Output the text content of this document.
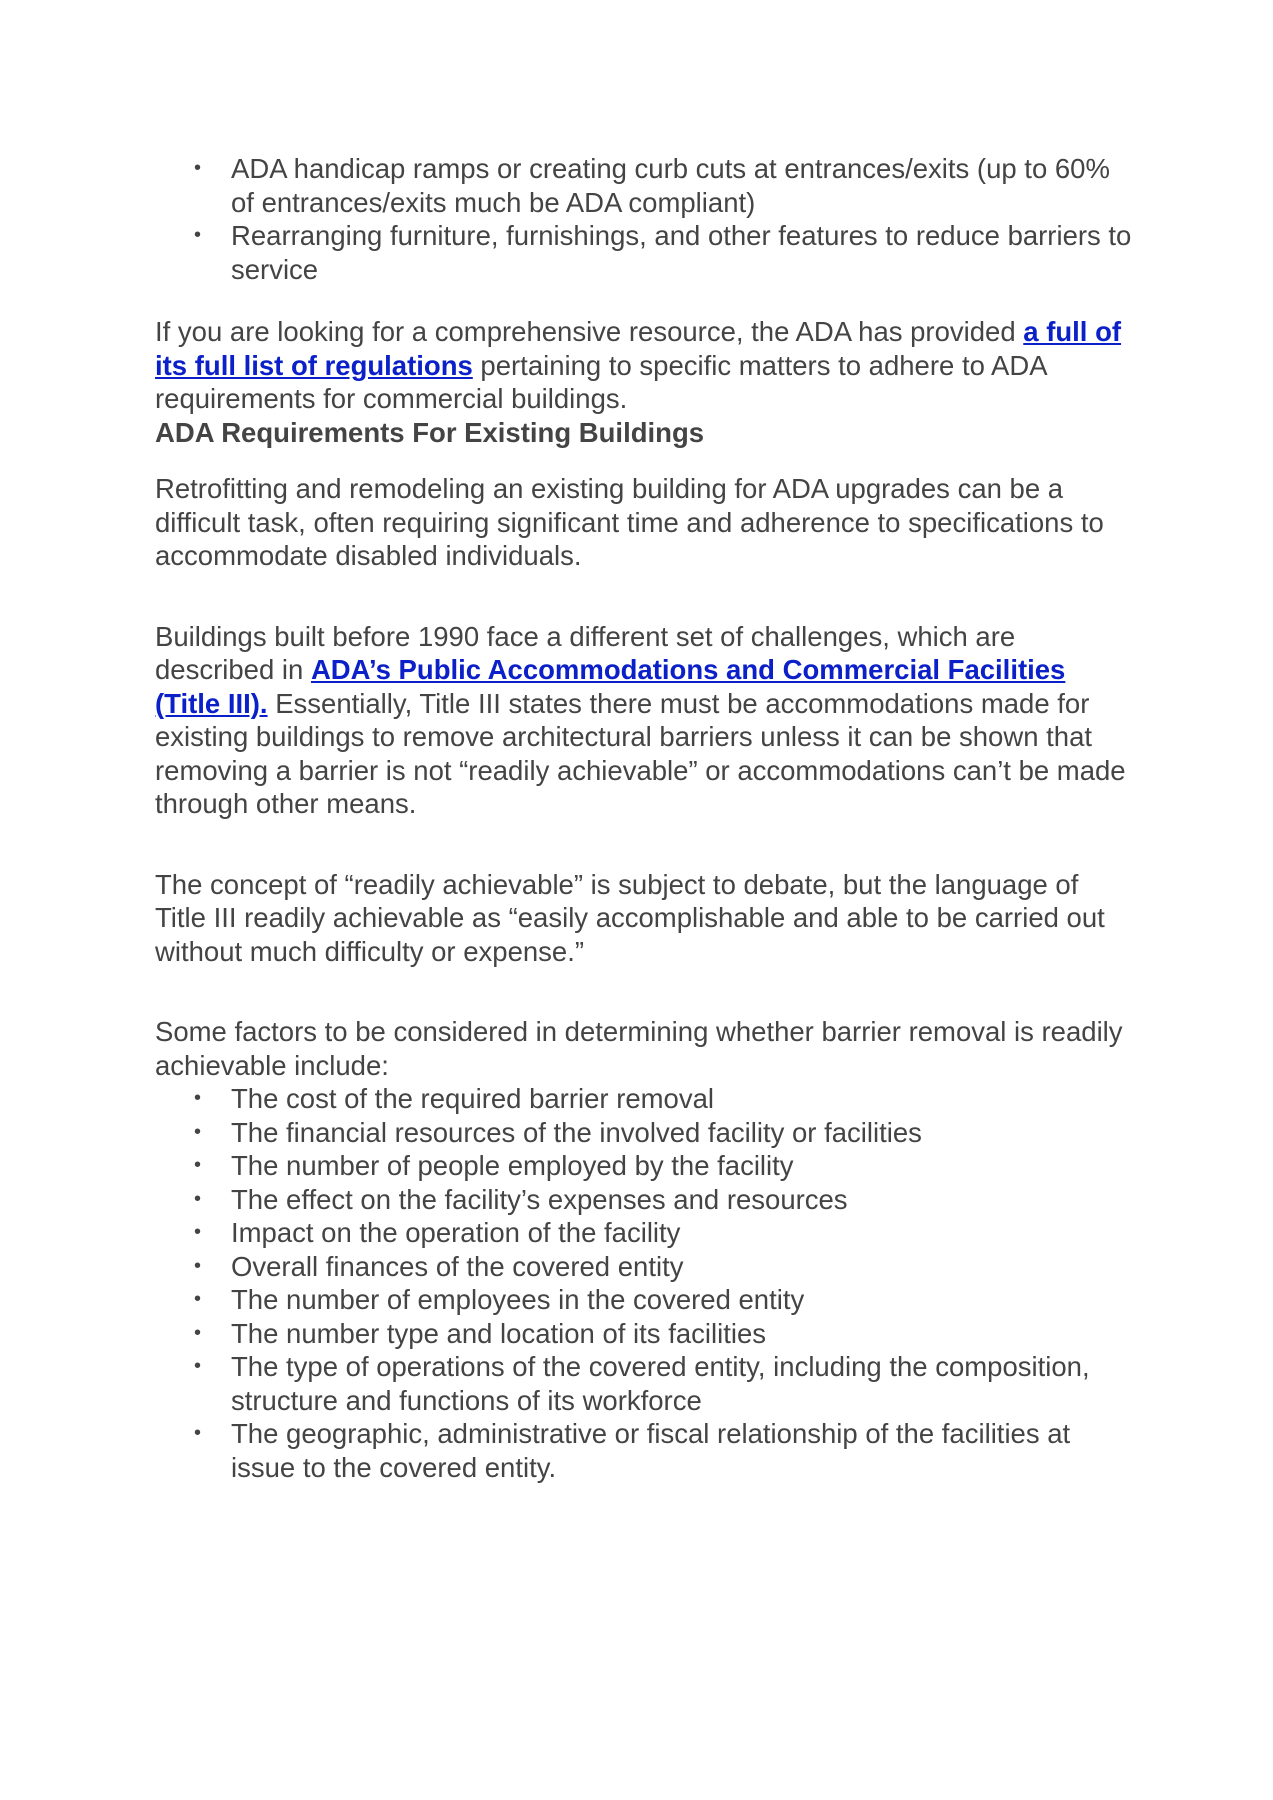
• ADA handicap ramps or creating curb cuts at entrances/exits (up to 60% of entrances/exits much be ADA compliant)
• Rearranging furniture, furnishings, and other features to reduce barriers to service

If you are looking for a comprehensive resource, the ADA has provided a full of its full list of regulations pertaining to specific matters to adhere to ADA requirements for commercial buildings.

ADA Requirements For Existing Buildings

Retrofitting and remodeling an existing building for ADA upgrades can be a difficult task, often requiring significant time and adherence to specifications to accommodate disabled individuals.

Buildings built before 1990 face a different set of challenges, which are described in ADA’s Public Accommodations and Commercial Facilities (Title III). Essentially, Title III states there must be accommodations made for existing buildings to remove architectural barriers unless it can be shown that removing a barrier is not “readily achievable” or accommodations can’t be made through other means.

The concept of “readily achievable” is subject to debate, but the language of Title III readily achievable as “easily accomplishable and able to be carried out without much difficulty or expense.”

Some factors to be considered in determining whether barrier removal is readily achievable include:

• The cost of the required barrier removal
• The financial resources of the involved facility or facilities
• The number of people employed by the facility
• The effect on the facility’s expenses and resources
• Impact on the operation of the facility
• Overall finances of the covered entity
• The number of employees in the covered entity
• The number type and location of its facilities
• The type of operations of the covered entity, including the composition, structure and functions of its workforce
• The geographic, administrative or fiscal relationship of the facilities at issue to the covered entity.
